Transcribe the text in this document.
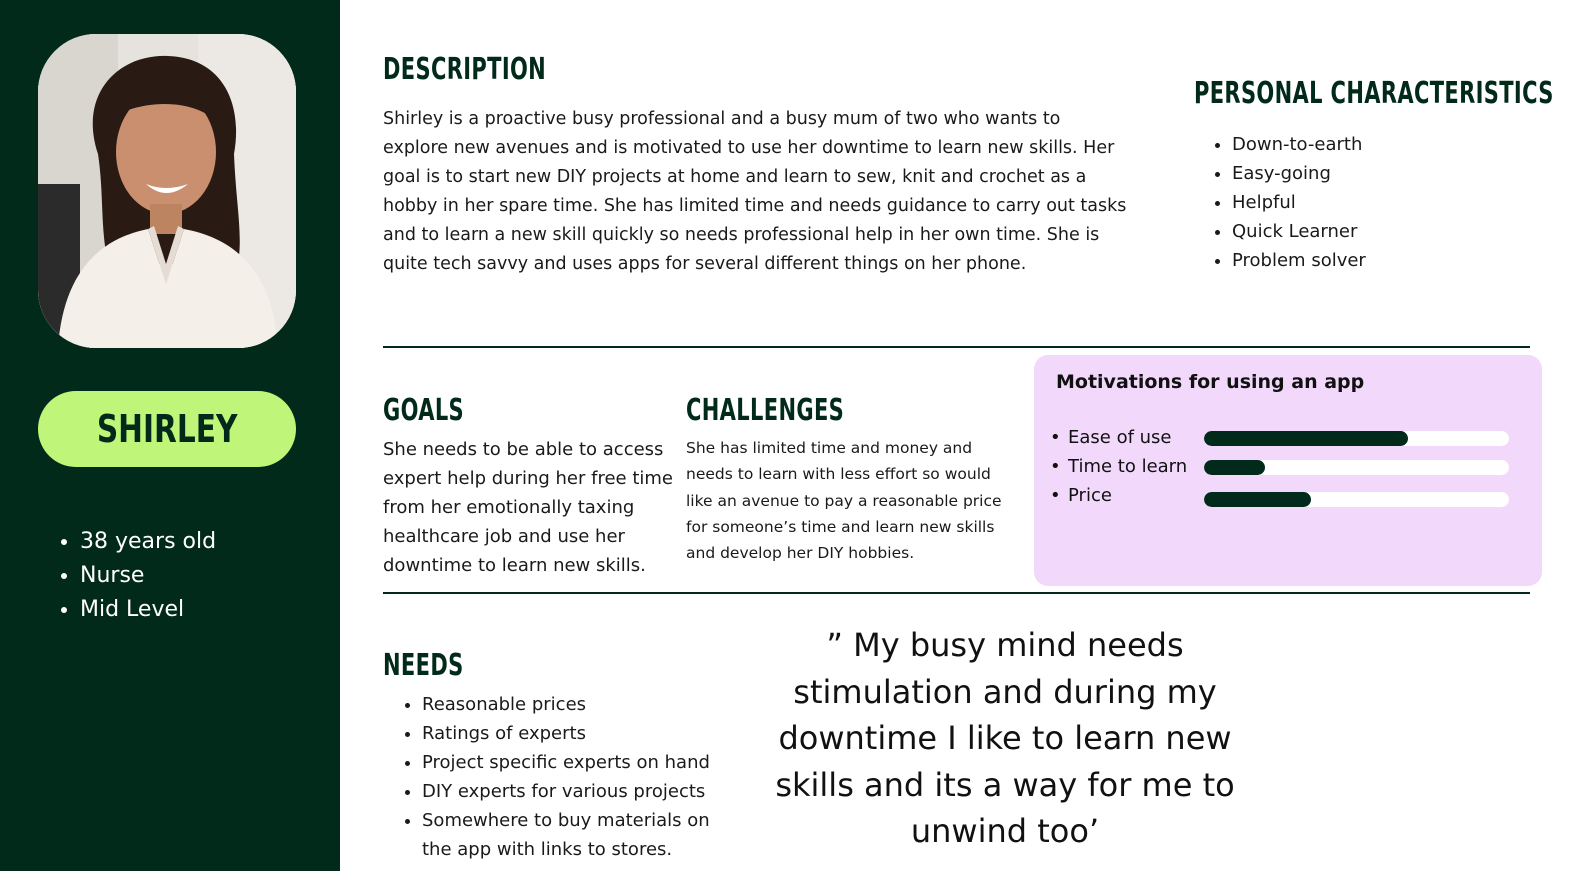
SHIRLEY
• 38 years old
• Nurse
• Mid Level
DESCRIPTION
Shirley is a proactive busy professional and a busy mum of two who wants to
explore new avenues and is motivated to use her downtime to learn new skills. Her
goal is to start new DIY projects at home and learn to sew, knit and crochet as a
hobby in her spare time. She has limited time and needs guidance to carry out tasks
and to learn a new skill quickly so needs professional help in her own time. She is
quite tech savvy and uses apps for several different things on her phone.
PERSONAL CHARACTERISTICS
• Down-to-earth
• Easy-going
• Helpful
• Quick Learner
• Problem solver
GOALS
She needs to be able to access
expert help during her free time
from her emotionally taxing
healthcare job and use her
downtime to learn new skills.
CHALLENGES
She has limited time and money and
needs to learn with less effort so would
like an avenue to pay a reasonable price
for someone’s time and learn new skills
and develop her DIY hobbies.
Motivations for using an app
• Ease of use
• Time to learn
• Price
NEEDS
• Reasonable prices
• Ratings of experts
• Project specific experts on hand
• DIY experts for various projects
• Somewhere to buy materials on the app with links to stores.
” My busy mind needs
stimulation and during my
downtime I like to learn new
skills and its a way for me to
unwind too’
